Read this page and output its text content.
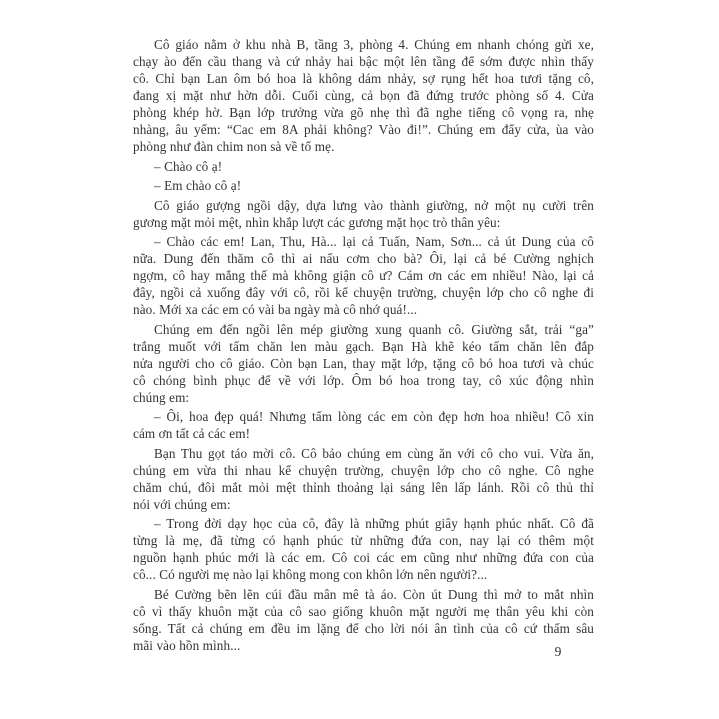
Cô giáo nằm ở khu nhà B, tầng 3, phòng 4. Chúng em nhanh chóng gửi xe,
chạy ào đến cầu thang và cứ nhảy hai bậc một lên tầng để sớm được nhìn thấy
cô. Chỉ bạn Lan ôm bó hoa là không dám nhảy, sợ rụng hết hoa tươi tặng cô,
đang xị mặt như hờn dỗi. Cuối cùng, cả bọn đã đứng trước phòng số 4. Cửa
phòng khép hờ. Bạn lớp trưởng vừa gõ nhẹ thì đã nghe tiếng cô vọng ra, nhẹ
nhàng, âu yếm: “Cac em 8A phải không? Vào đi!”. Chúng em đẩy cửa, ùa vào
phòng như đàn chim non sà về tổ mẹ.
– Chào cô ạ!
– Em chào cô ạ!
Cô giáo gượng ngồi dậy, dựa lưng vào thành giường, nở một nụ cười trên
gương mặt mỏi mệt, nhìn khắp lượt các gương mặt học trò thân yêu:
– Chào các em! Lan, Thu, Hà... lại cả Tuấn, Nam, Sơn... cả út Dung của cô
nữa. Dung đến thăm cô thì ai nấu cơm cho bà? Ôi, lại cả bé Cường nghịch
ngợm, cô hay mắng thế mà không giận cô ư? Cám ơn các em nhiều! Nào, lại cả
đây, ngồi cả xuống đây với cô, rồi kể chuyện trường, chuyện lớp cho cô nghe đi
nào. Mới xa các em có vài ba ngày mà cô nhớ quá!...
Chúng em đến ngồi lên mép giường xung quanh cô. Giường sắt, trải “ga”
trắng muốt với tấm chăn len màu gạch. Bạn Hà khẽ kéo tấm chăn lên đắp
nửa người cho cô giáo. Còn bạn Lan, thay mặt lớp, tặng cô bó hoa tươi và chúc
cô chóng bình phục để về với lớp. Ôm bó hoa trong tay, cô xúc động nhìn
chúng em:
– Ôi, hoa đẹp quá! Nhưng tấm lòng các em còn đẹp hơn hoa nhiều! Cô xin
cám ơn tất cả các em!
Bạn Thu gọt táo mời cô. Cô bảo chúng em cùng ăn với cô cho vui. Vừa ăn,
chúng em vừa thi nhau kể chuyện trường, chuyện lớp cho cô nghe. Cô nghe
chăm chú, đôi mắt mỏi mệt thỉnh thoảng lại sáng lên lấp lánh. Rồi cô thủ thỉ
nói với chúng em:
– Trong đời dạy học của cô, đây là những phút giây hạnh phúc nhất. Cô đã
từng là mẹ, đã từng có hạnh phúc từ những đứa con, nay lại có thêm một
nguồn hạnh phúc mới là các em. Cô coi các em cũng như những đứa con của
cô... Có người mẹ nào lại không mong con khôn lớn nên người?...
Bé Cường bẽn lẽn cúi đầu mân mê tà áo. Còn út Dung thì mở to mắt nhìn
cô vì thấy khuôn mặt của cô sao giống khuôn mặt người mẹ thân yêu khi còn
sống. Tất cả chúng em đều im lặng để cho lời nói ân tình của cô cứ thấm sâu
mãi vào hồn mình...	9
